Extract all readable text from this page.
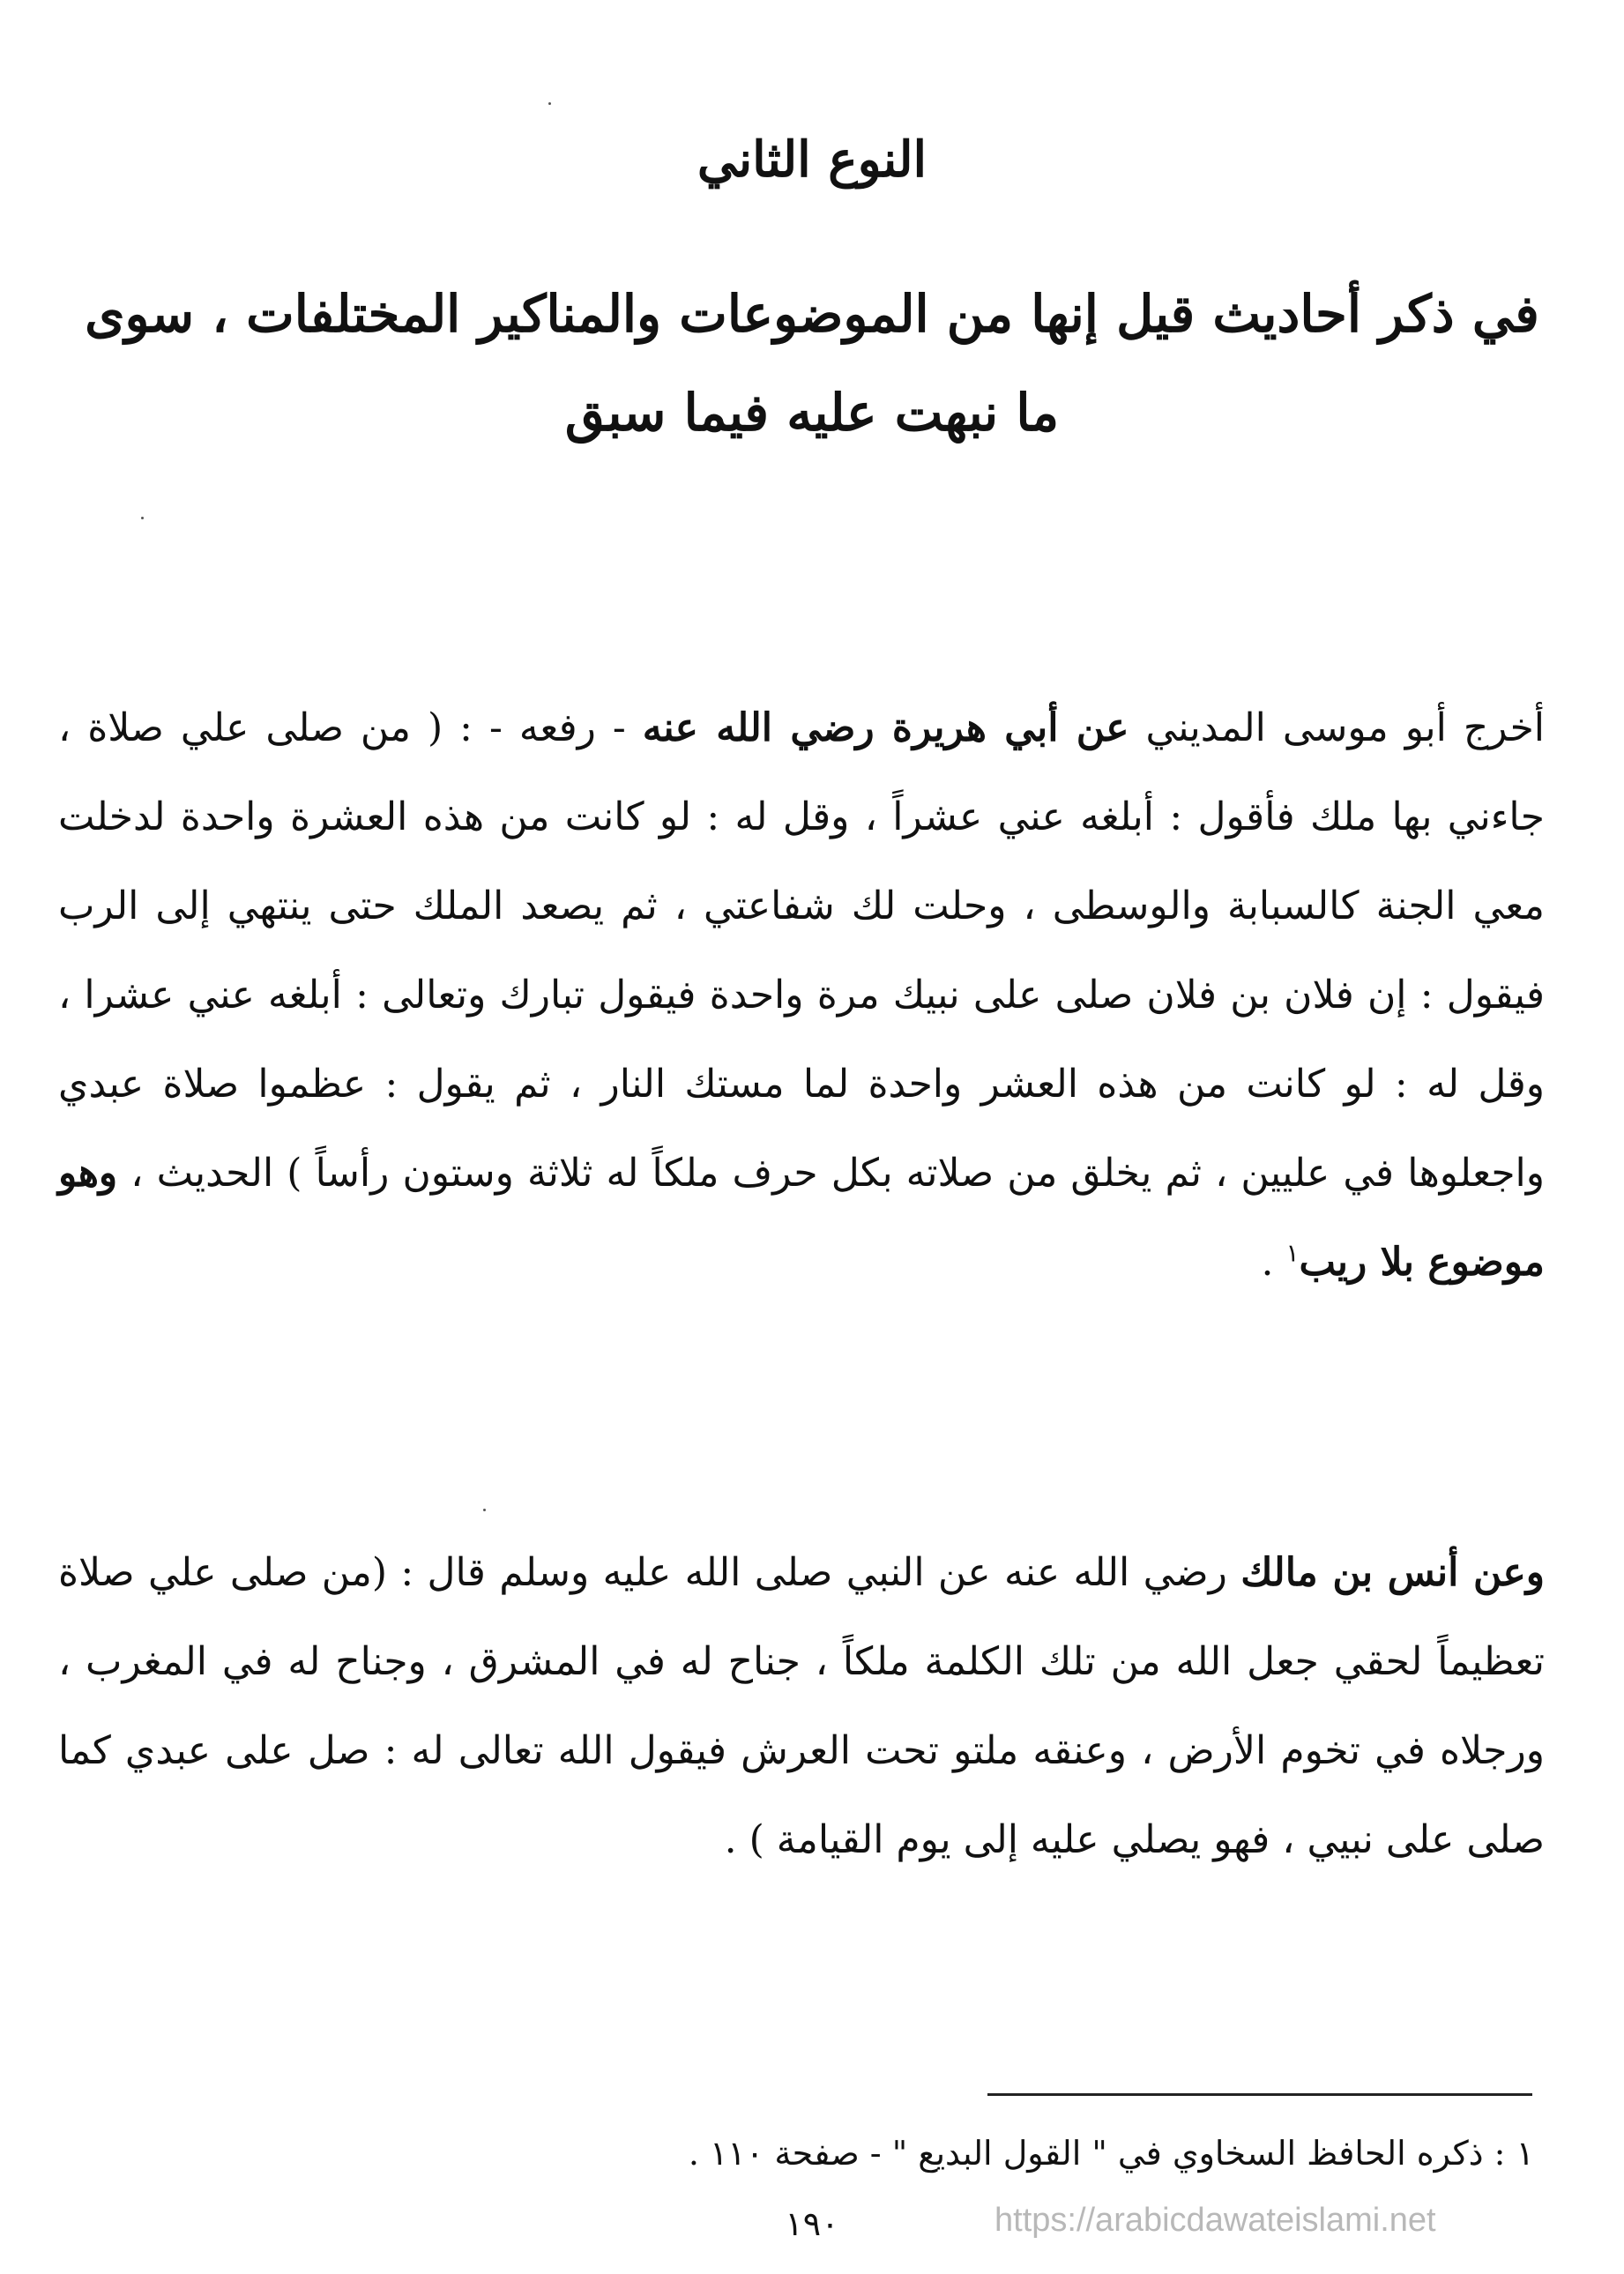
النوع الثاني
في ذكر أحاديث قيل إنها من الموضوعات والمناكير المختلفات ، سوى ما نبهت عليه فيما سبق
أخرج أبو موسى المديني عن أبي هريرة رضي الله عنه - رفعه - : ( من صلى علي صلاة ، جاءني بها ملك فأقول : أبلغه عني عشراً ، وقل له : لو كانت من هذه العشرة واحدة لدخلت معي الجنة كالسبابة والوسطى ، وحلت لك شفاعتي ، ثم يصعد الملك حتى ينتهي إلى الرب فيقول : إن فلان بن فلان صلى على نبيك مرة واحدة فيقول تبارك وتعالى : أبلغه عني عشرا ، وقل له : لو كانت من هذه العشر واحدة لما مستك النار ، ثم يقول : عظموا صلاة عبدي واجعلوها في عليين ، ثم يخلق من صلاته بكل حرف ملكاً له ثلاثة وستون رأساً ) الحديث ، وهو موضوع بلا ريب$^١$ .
وعن أنس بن مالك رضي الله عنه عن النبي صلى الله عليه وسلم قال : (من صلى علي صلاة تعظيماً لحقي جعل الله من تلك الكلمة ملكاً ، جناح له في المشرق ، وجناح له في المغرب ، ورجلاه في تخوم الأرض ، وعنقه ملتو تحت العرش فيقول الله تعالى له : صل على عبدي كما صلى على نبيي ، فهو يصلي عليه إلى يوم القيامة ) .
١ : ذكره الحافظ السخاوي في " القول البديع " - صفحة ١١٠ .
١٩٠	https://arabicdawateislami.net
